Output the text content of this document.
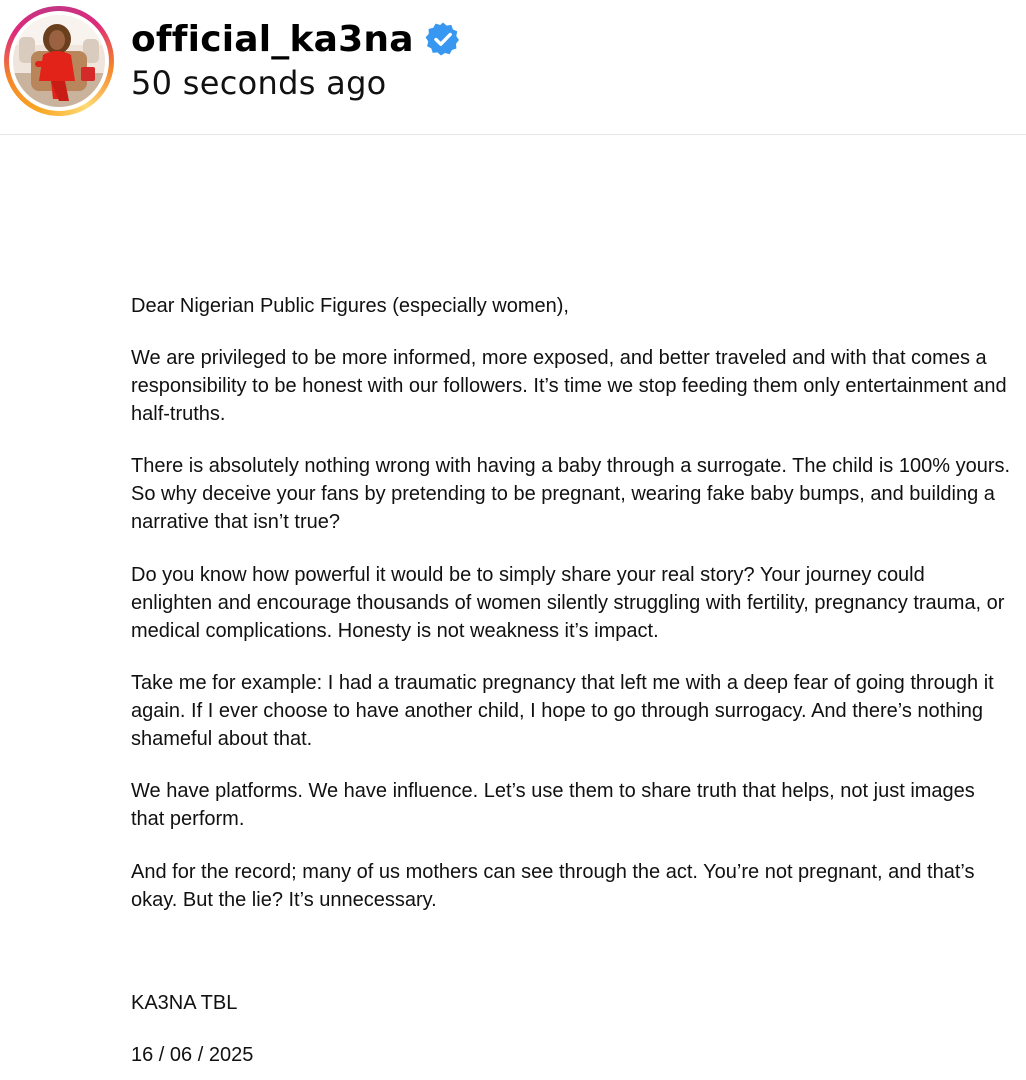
official_ka3na
50 seconds ago

Dear Nigerian Public Figures (especially women),

We are privileged to be more informed, more exposed, and better traveled and with that comes a responsibility to be honest with our followers. It’s time we stop feeding them only entertainment and half-truths.

There is absolutely nothing wrong with having a baby through a surrogate. The child is 100% yours. So why deceive your fans by pretending to be pregnant, wearing fake baby bumps, and building a narrative that isn’t true?

Do you know how powerful it would be to simply share your real story? Your journey could enlighten and encourage thousands of women silently struggling with fertility, pregnancy trauma, or medical complications. Honesty is not weakness it’s impact.

Take me for example: I had a traumatic pregnancy that left me with a deep fear of going through it again. If I ever choose to have another child, I hope to go through surrogacy. And there’s nothing shameful about that.

We have platforms. We have influence. Let’s use them to share truth that helps, not just images that perform.

And for the record; many of us mothers can see through the act. You’re not pregnant, and that’s okay. But the lie? It’s unnecessary.

KA3NA TBL

16 / 06 / 2025
